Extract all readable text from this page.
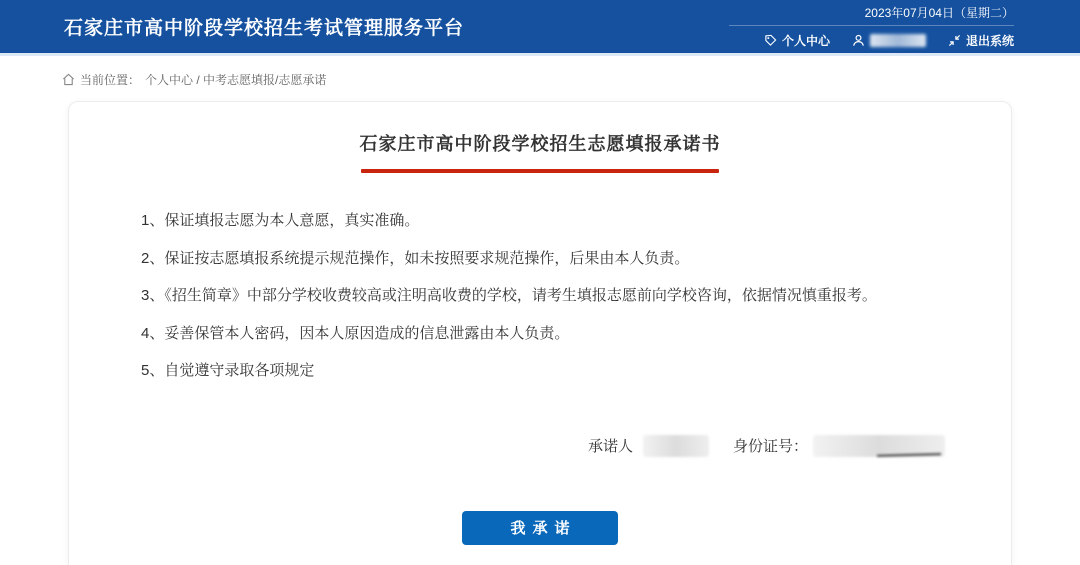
石家庄市高中阶段学校招生考试管理服务平台
2023年07月04日（星期二）
个人中心	退出系统
当前位置： 个人中心 / 中考志愿填报/志愿承诺
石家庄市高中阶段学校招生志愿填报承诺书
1、保证填报志愿为本人意愿，真实准确。
2、保证按志愿填报系统提示规范操作，如未按照要求规范操作，后果由本人负责。
3、《招生简章》中部分学校收费较高或注明高收费的学校，请考生填报志愿前向学校咨询，依据情况慎重报考。
4、妥善保管本人密码，因本人原因造成的信息泄露由本人负责。
5、自觉遵守录取各项规定
承诺人	身份证号：
我承诺
